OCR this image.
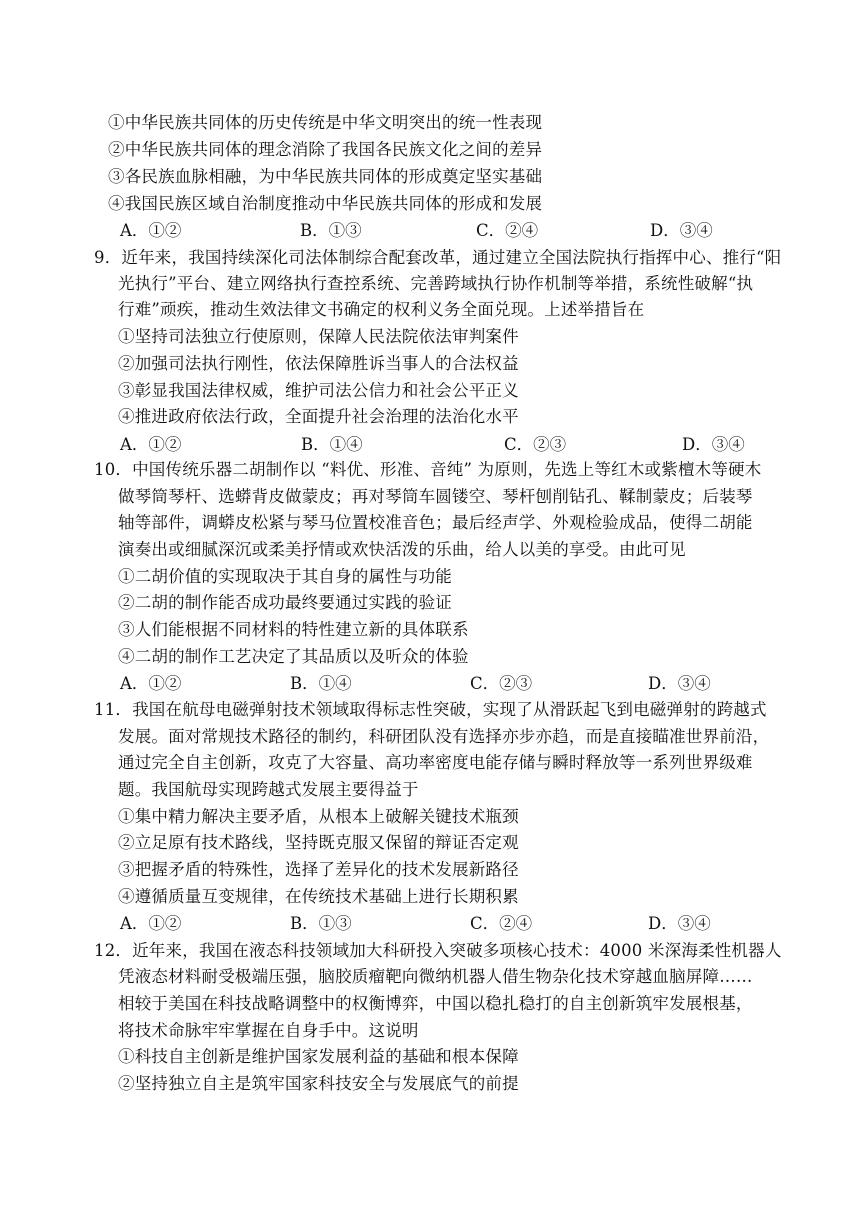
①中华民族共同体的历史传统是中华文明突出的统一性表现
②中华民族共同体的理念消除了我国各民族文化之间的差异
③各民族血脉相融，为中华民族共同体的形成奠定坚实基础
④我国民族区域自治制度推动中华民族共同体的形成和发展
A．①②	B．①③	C．②④	D．③④
9．近年来，我国持续深化司法体制综合配套改革，通过建立全国法院执行指挥中心、推行“阳
光执行”平台、建立网络执行查控系统、完善跨域执行协作机制等举措，系统性破解“执
行难”顽疾，推动生效法律文书确定的权利义务全面兑现。上述举措旨在
①坚持司法独立行使原则，保障人民法院依法审判案件
②加强司法执行刚性，依法保障胜诉当事人的合法权益
③彰显我国法律权威，维护司法公信力和社会公平正义
④推进政府依法行政，全面提升社会治理的法治化水平
A．①②	B．①④	C．②③	D．③④
10．中国传统乐器二胡制作以 “料优、形准、音纯” 为原则，先选上等红木或紫檀木等硬木
做琴筒琴杆、选蟒背皮做蒙皮；再对琴筒车圆镂空、琴杆刨削钻孔、鞣制蒙皮；后装琴
轴等部件，调蟒皮松紧与琴马位置校准音色；最后经声学、外观检验成品，使得二胡能
演奏出或细腻深沉或柔美抒情或欢快活泼的乐曲，给人以美的享受。由此可见
①二胡价值的实现取决于其自身的属性与功能
②二胡的制作能否成功最终要通过实践的验证
③人们能根据不同材料的特性建立新的具体联系
④二胡的制作工艺决定了其品质以及听众的体验
A．①②	B．①④	C．②③	D．③④
11．我国在航母电磁弹射技术领域取得标志性突破，实现了从滑跃起飞到电磁弹射的跨越式
发展。面对常规技术路径的制约，科研团队没有选择亦步亦趋，而是直接瞄准世界前沿，
通过完全自主创新，攻克了大容量、高功率密度电能存储与瞬时释放等一系列世界级难
题。我国航母实现跨越式发展主要得益于
①集中精力解决主要矛盾，从根本上破解关键技术瓶颈
②立足原有技术路线，坚持既克服又保留的辩证否定观
③把握矛盾的特殊性，选择了差异化的技术发展新路径
④遵循质量互变规律，在传统技术基础上进行长期积累
A．①②	B．①③	C．②④	D．③④
12．近年来，我国在液态科技领域加大科研投入突破多项核心技术：4000 米深海柔性机器人
凭液态材料耐受极端压强，脑胶质瘤靶向微纳机器人借生物杂化技术穿越血脑屏障……
相较于美国在科技战略调整中的权衡博弈，中国以稳扎稳打的自主创新筑牢发展根基，
将技术命脉牢牢掌握在自身手中。这说明
①科技自主创新是维护国家发展利益的基础和根本保障
②坚持独立自主是筑牢国家科技安全与发展底气的前提
